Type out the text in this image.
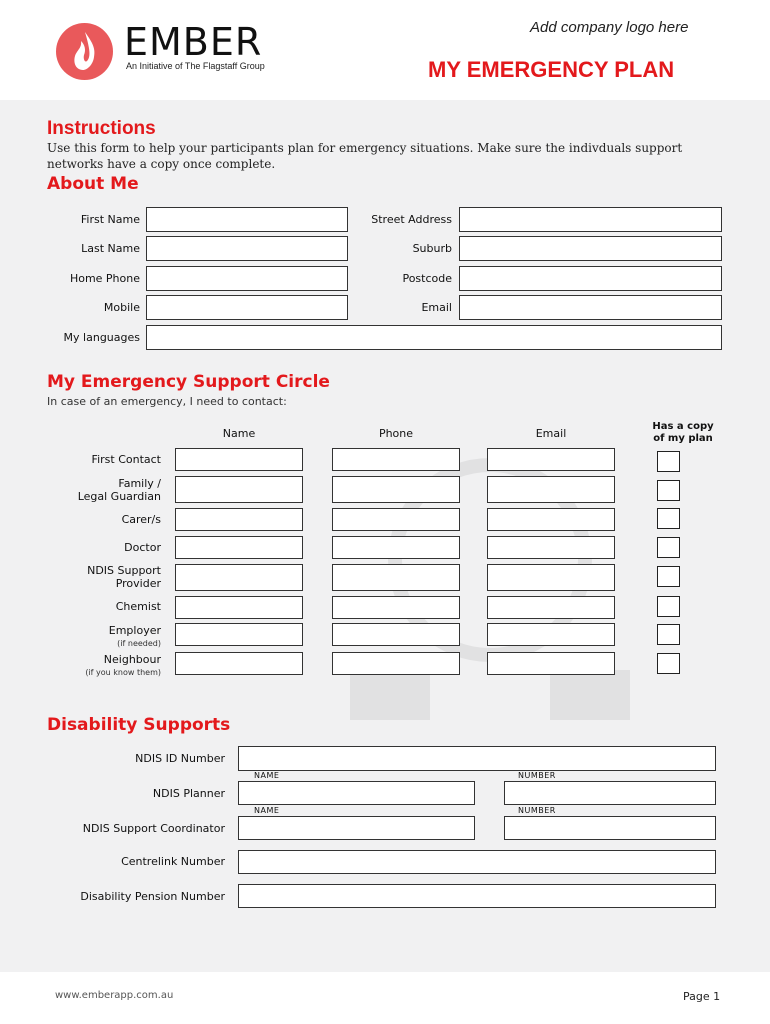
EMBER
An Initiative of The Flagstaff Group
Add company logo here
MY EMERGENCY PLAN
Instructions
Use this form to help your participants plan for emergency situations. Make sure the indivduals support networks have a copy once complete.
About Me
First Name	Street Address
Last Name	Suburb
Home Phone	Postcode
Mobile	Email
My languages
My Emergency Support Circle
In case of an emergency, I need to contact:
Name	Phone	Email
Has a copy
of my plan
First Contact
Family /
Legal Guardian
Carer/s
Doctor
NDIS Support
Provider
Chemist
Employer
(if needed)
Neighbour
(if you know them)
Disability Supports
NDIS ID Number
NAME	NUMBER
NDIS Planner
NAME	NUMBER
NDIS Support Coordinator
Centrelink Number
Disability Pension Number
www.emberapp.com.au	Page 1
